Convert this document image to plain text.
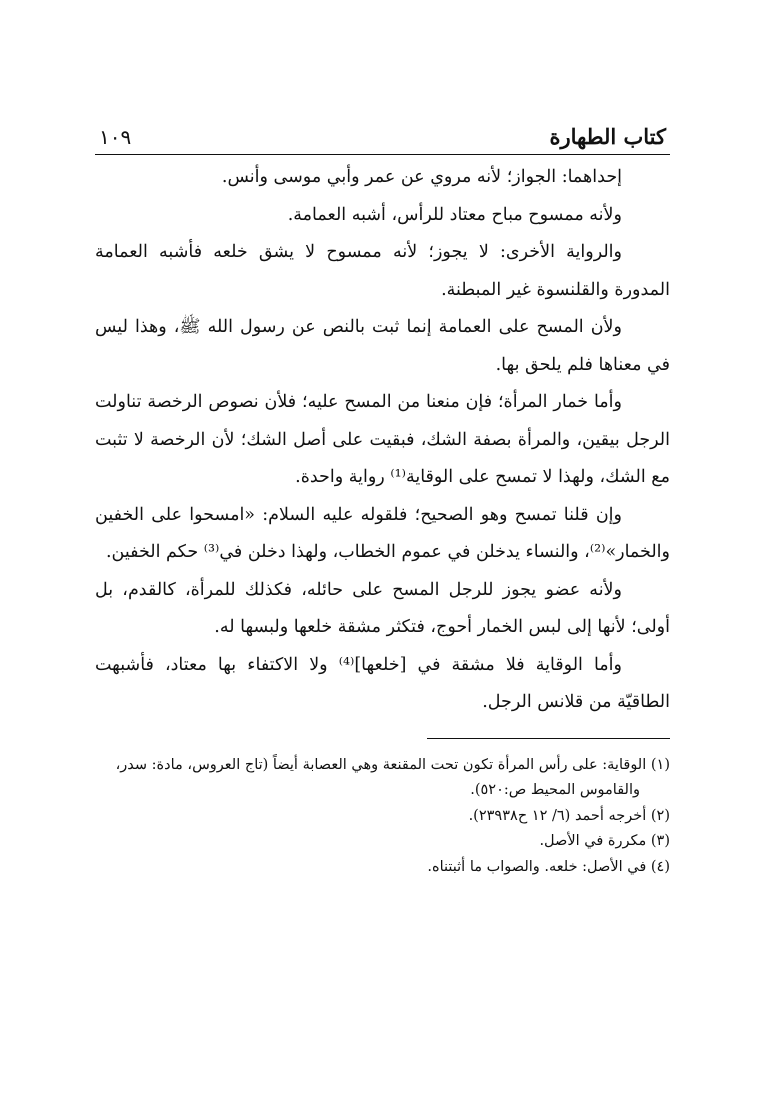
كتاب الطهارة
١٠٩

إحداهما: الجواز؛ لأنه مروي عن عمر وأبي موسى وأنس.

ولأنه ممسوح مباح معتاد للرأس، أشبه العمامة.

والرواية الأخرى: لا يجوز؛ لأنه ممسوح لا يشق خلعه فأشبه العمامة المدورة والقلنسوة غير المبطنة.

ولأن المسح على العمامة إنما ثبت بالنص عن رسول الله ﷺ، وهذا ليس في معناها فلم يلحق بها.

وأما خمار المرأة؛ فإن منعنا من المسح عليه؛ فلأن نصوص الرخصة تناولت الرجل بيقين، والمرأة بصفة الشك، فبقيت على أصل الشك؛ لأن الرخصة لا تثبت مع الشك، ولهذا لا تمسح على الوقاية⁽¹⁾ رواية واحدة.

وإن قلنا تمسح وهو الصحيح؛ فلقوله عليه السلام: «امسحوا على الخفين والخمار»⁽²⁾، والنساء يدخلن في عموم الخطاب، ولهذا دخلن في⁽³⁾ حكم الخفين.

ولأنه عضو يجوز للرجل المسح على حائله، فكذلك للمرأة، كالقدم، بل أولى؛ لأنها إلى لبس الخمار أحوج، فتكثر مشقة خلعها ولبسها له.

وأما الوقاية فلا مشقة في [خلعها]⁽⁴⁾ ولا الاكتفاء بها معتاد، فأشبهت الطاقيّة من قلانس الرجل.

(١) الوقاية: على رأس المرأة تكون تحت المقنعة وهي العصابة أيضاً (تاج العروس، مادة: سدر، والقاموس المحيط ص:٥٢٠).

(٢) أخرجه أحمد (٦/ ١٢ ح٢٣٩٣٨).

(٣) مكررة في الأصل.

(٤) في الأصل: خلعه. والصواب ما أثبتناه.
